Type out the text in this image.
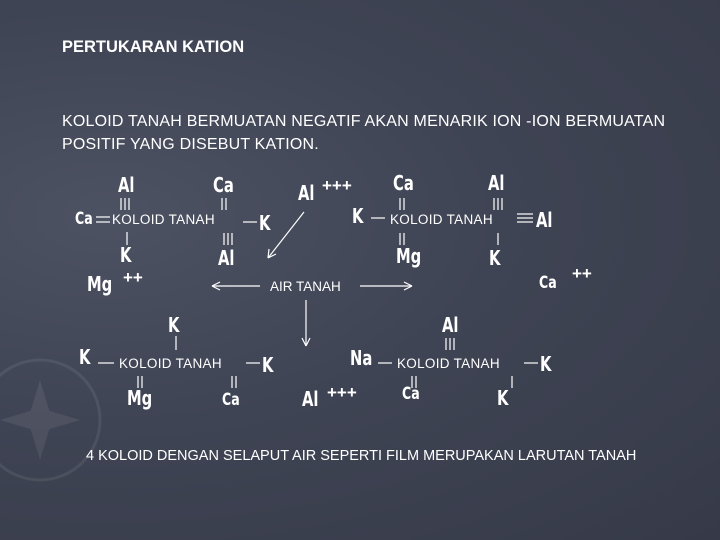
PERTUKARAN KATION
KOLOID TANAH BERMUATAN NEGATIF AKAN MENARIK ION -ION BERMUATAN POSITIF YANG DISEBUT KATION.
Al	Ca
Ca KOLOID TANAH K
K	Al
Mg ++
Al +++ Ca	Al
K KOLOID TANAH Al
Mg	K
Ca ++
AIR TANAH
K
K KOLOID TANAH K
Mg	Ca
Al
Na KOLOID TANAH K
Al +++	Ca	K
4 KOLOID DENGAN SELAPUT AIR SEPERTI FILM MERUPAKAN LARUTAN TANAH
